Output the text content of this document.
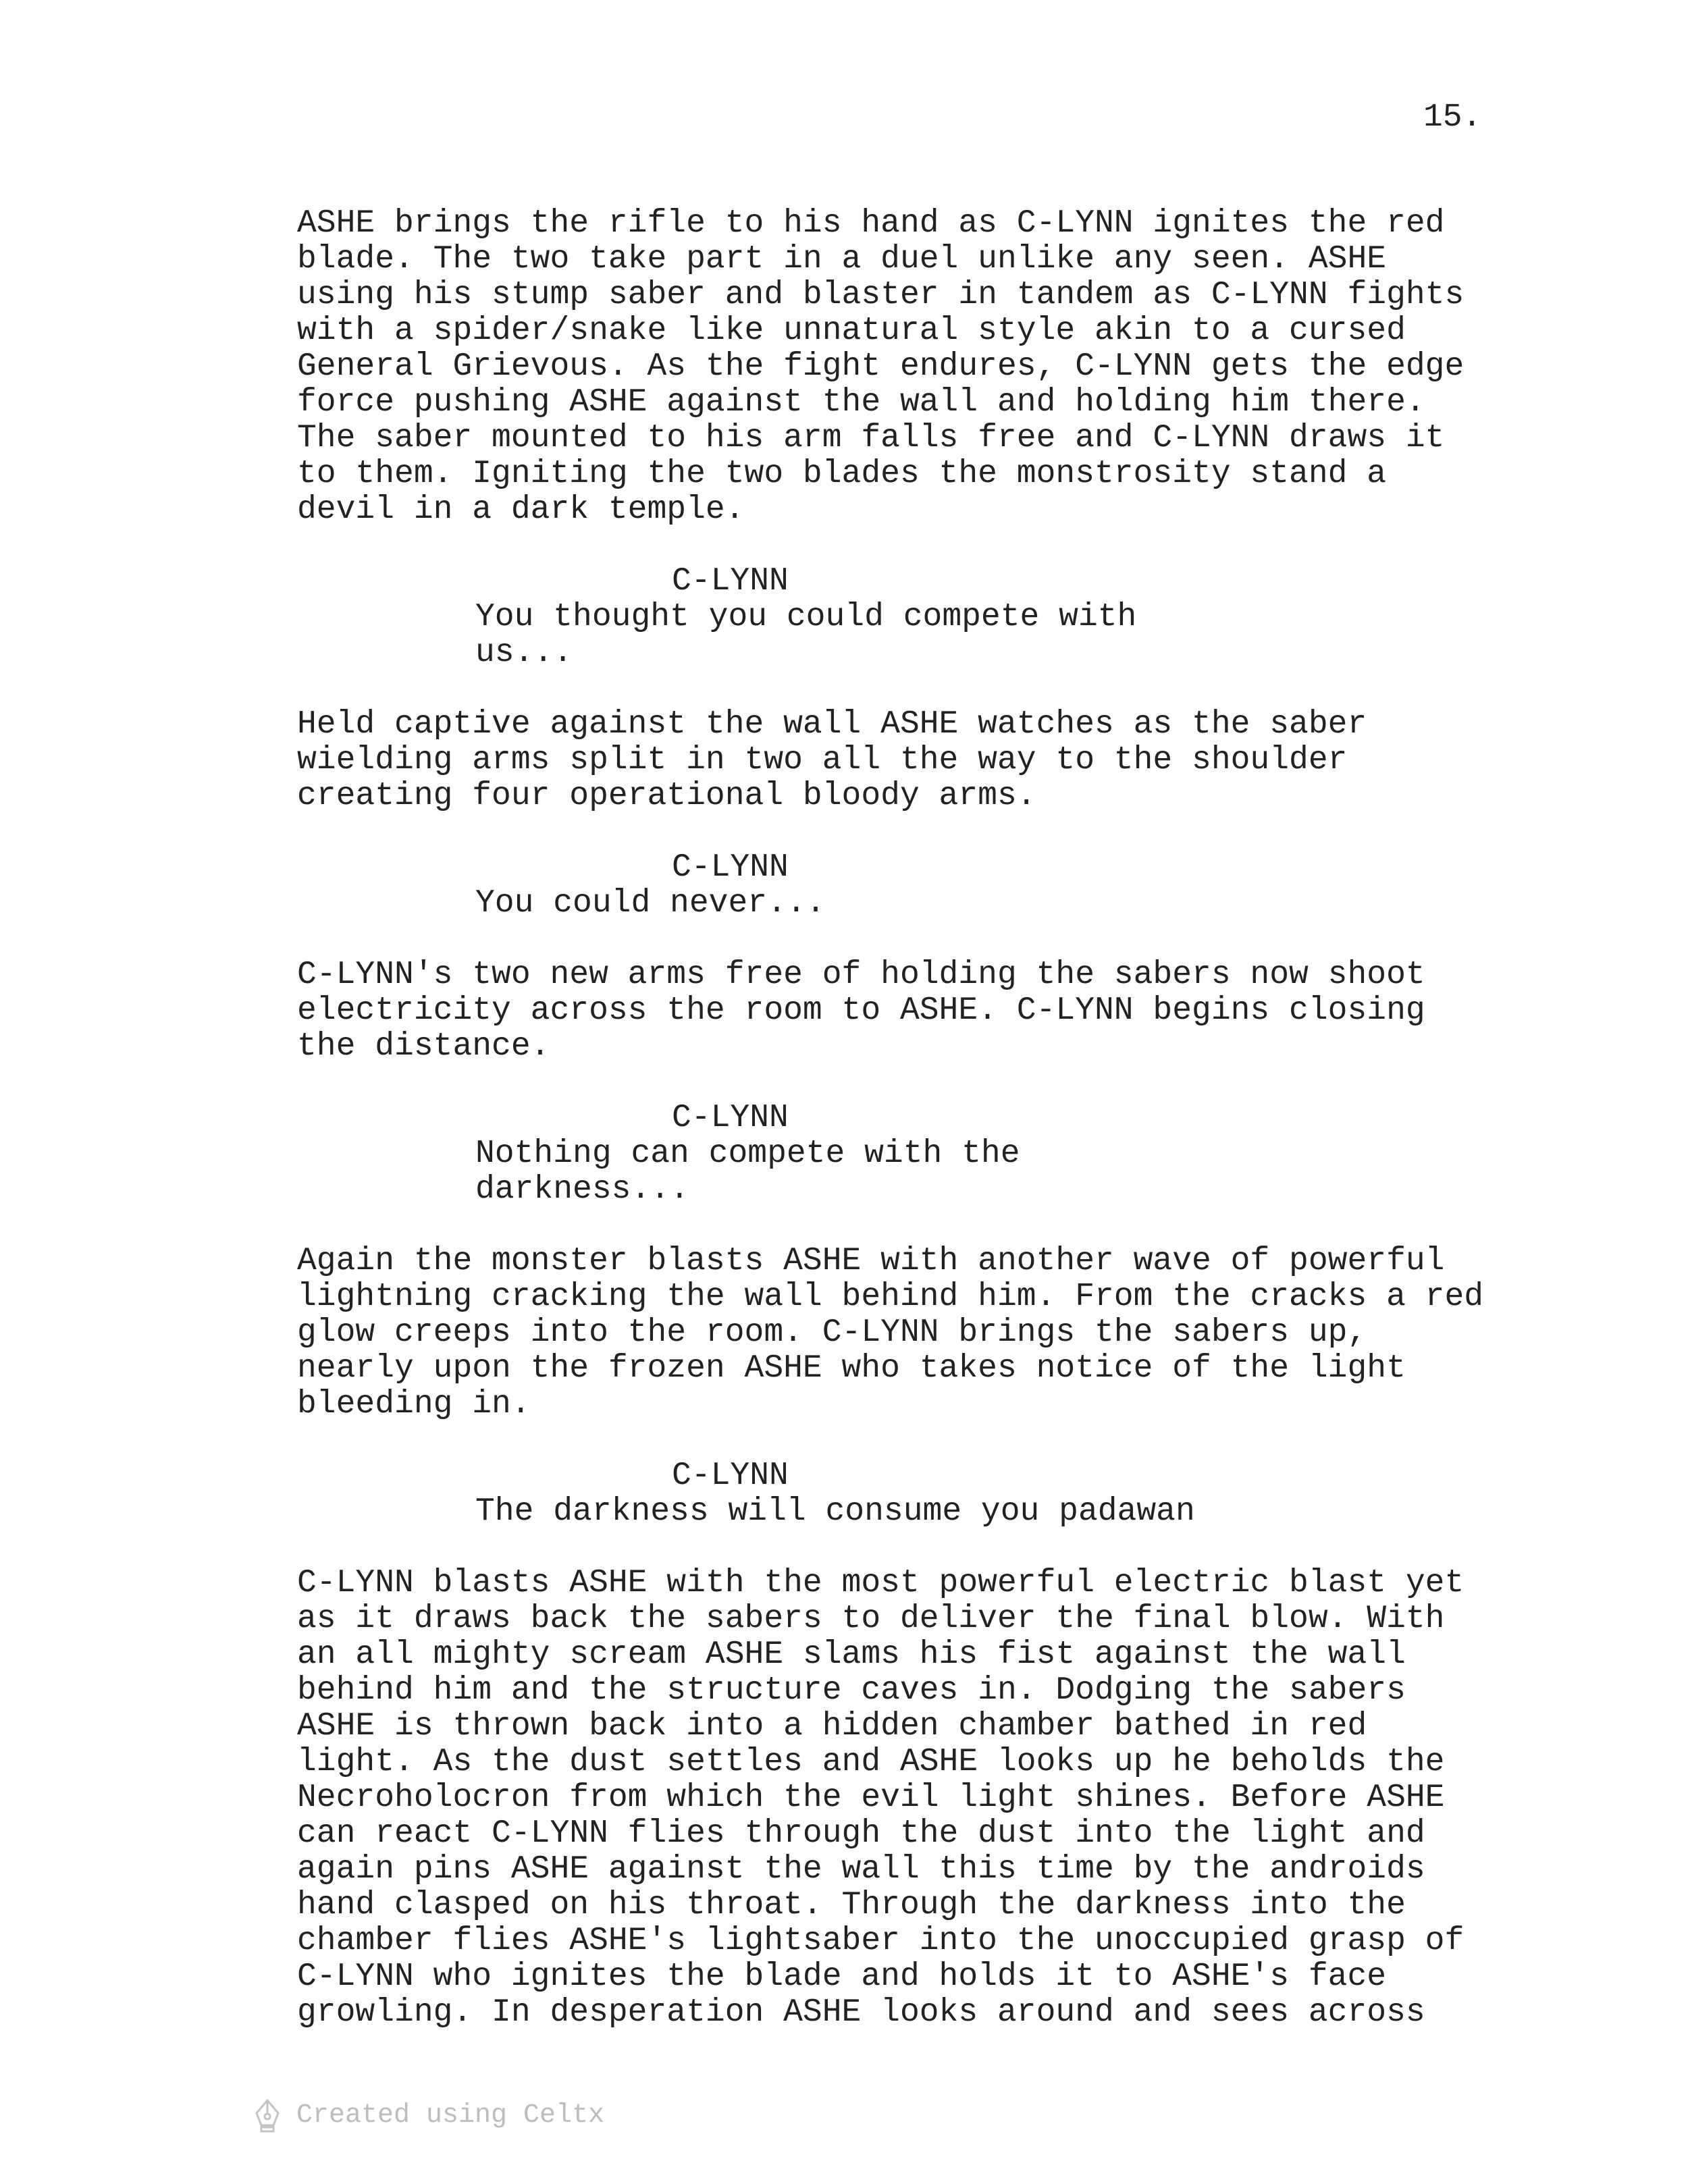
15.
ASHE brings the rifle to his hand as C-LYNN ignites the red
blade. The two take part in a duel unlike any seen. ASHE
using his stump saber and blaster in tandem as C-LYNN fights
with a spider/snake like unnatural style akin to a cursed
General Grievous. As the fight endures, C-LYNN gets the edge
force pushing ASHE against the wall and holding him there.
The saber mounted to his arm falls free and C-LYNN draws it
to them. Igniting the two blades the monstrosity stand a
devil in a dark temple.
C-LYNN
You thought you could compete with
us...
Held captive against the wall ASHE watches as the saber
wielding arms split in two all the way to the shoulder
creating four operational bloody arms.
C-LYNN
You could never...
C-LYNN's two new arms free of holding the sabers now shoot
electricity across the room to ASHE. C-LYNN begins closing
the distance.
C-LYNN
Nothing can compete with the
darkness...
Again the monster blasts ASHE with another wave of powerful
lightning cracking the wall behind him. From the cracks a red
glow creeps into the room. C-LYNN brings the sabers up,
nearly upon the frozen ASHE who takes notice of the light
bleeding in.
C-LYNN
The darkness will consume you padawan
C-LYNN blasts ASHE with the most powerful electric blast yet
as it draws back the sabers to deliver the final blow. With
an all mighty scream ASHE slams his fist against the wall
behind him and the structure caves in. Dodging the sabers
ASHE is thrown back into a hidden chamber bathed in red
light. As the dust settles and ASHE looks up he beholds the
Necroholocron from which the evil light shines. Before ASHE
can react C-LYNN flies through the dust into the light and
again pins ASHE against the wall this time by the androids
hand clasped on his throat. Through the darkness into the
chamber flies ASHE's lightsaber into the unoccupied grasp of
C-LYNN who ignites the blade and holds it to ASHE's face
growling. In desperation ASHE looks around and sees across
Created using Celtx
